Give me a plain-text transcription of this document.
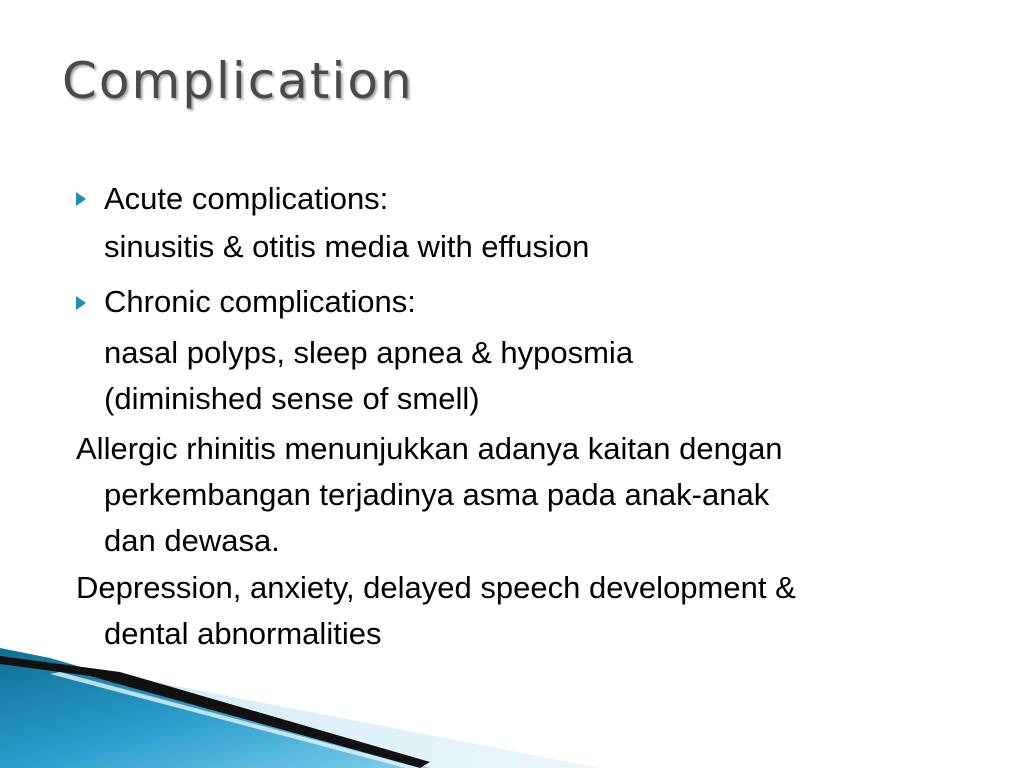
Complication
Acute complications:
sinusitis & otitis media with effusion
Chronic complications:
nasal polyps, sleep apnea & hyposmia
(diminished sense of smell)
Allergic rhinitis menunjukkan adanya kaitan dengan
perkembangan terjadinya asma pada anak-anak
dan dewasa.
Depression, anxiety, delayed speech development &
dental abnormalities
